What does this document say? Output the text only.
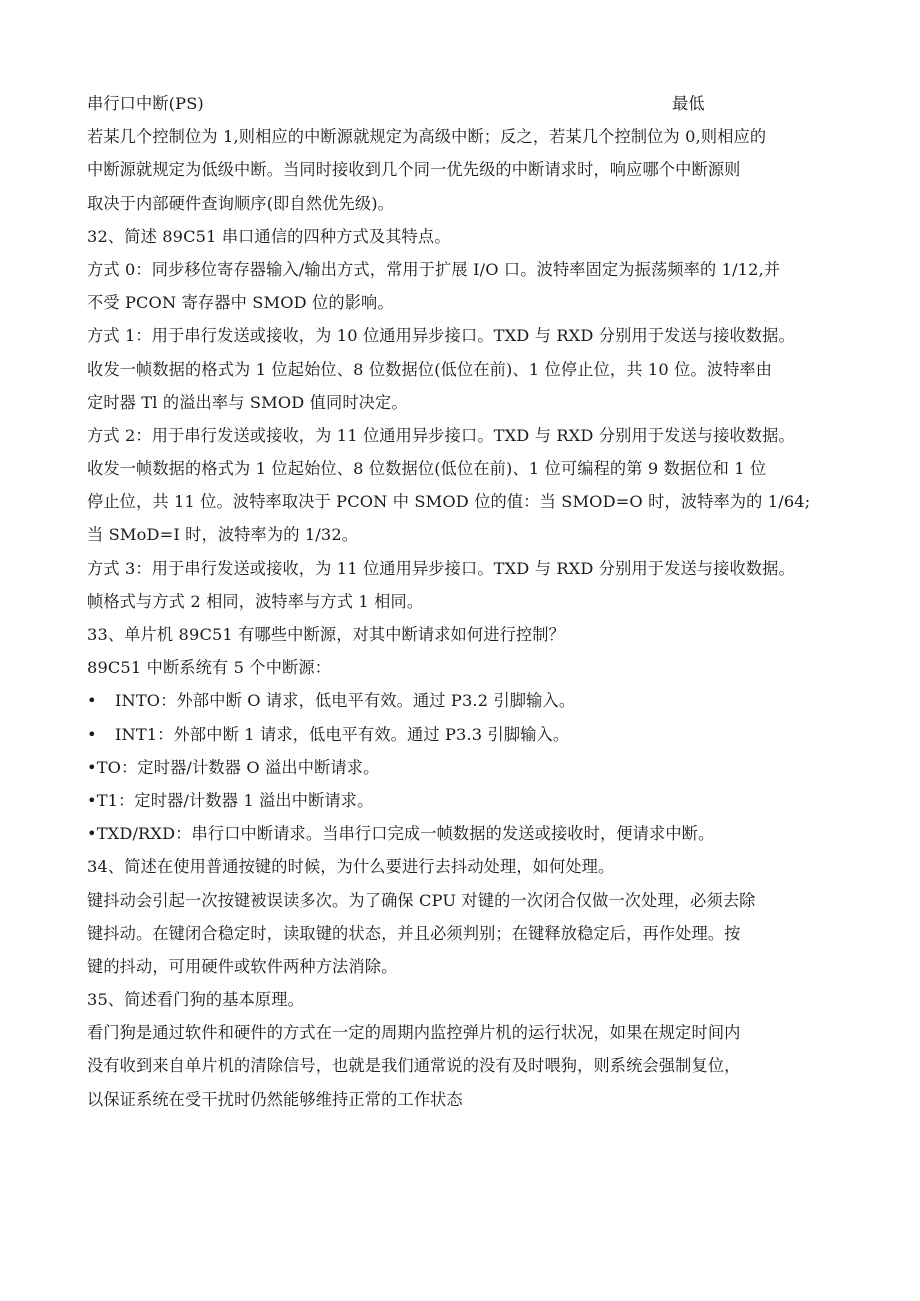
串行口中断(PS)	最低
若某几个控制位为 1,则相应的中断源就规定为高级中断；反之，若某几个控制位为 0,则相应的
中断源就规定为低级中断。当同时接收到几个同一优先级的中断请求时，响应哪个中断源则
取决于内部硬件查询顺序(即自然优先级)。
32、简述 89C51 串口通信的四种方式及其特点。
方式 0：同步移位寄存器输入/输出方式，常用于扩展 I/O 口。波特率固定为振荡频率的 1/12,并
不受 PCON 寄存器中 SMOD 位的影响。
方式 1：用于串行发送或接收，为 10 位通用异步接口。TXD 与 RXD 分别用于发送与接收数据。
收发一帧数据的格式为 1 位起始位、8 位数据位(低位在前)、1 位停止位，共 10 位。波特率由
定时器 Tl 的溢出率与 SMOD 值同时决定。
方式 2：用于串行发送或接收，为 11 位通用异步接口。TXD 与 RXD 分别用于发送与接收数据。
收发一帧数据的格式为 1 位起始位、8 位数据位(低位在前)、1 位可编程的第 9 数据位和 1 位
停止位，共 11 位。波特率取决于 PCON 中 SMOD 位的值：当 SMOD=O 时，波特率为的 1/64;
当 SMoD=I 时，波特率为的 1/32。
方式 3：用于串行发送或接收，为 11 位通用异步接口。TXD 与 RXD 分别用于发送与接收数据。
帧格式与方式 2 相同，波特率与方式 1 相同。
33、单片机 89C51 有哪些中断源，对其中断请求如何进行控制？
89C51 中断系统有 5 个中断源：
• INTO：外部中断 O 请求，低电平有效。通过 P3.2 引脚输入。
• INT1：外部中断 1 请求，低电平有效。通过 P3.3 引脚输入。
•TO：定时器/计数器 O 溢出中断请求。
•T1：定时器/计数器 1 溢出中断请求。
•TXD/RXD：串行口中断请求。当串行口完成一帧数据的发送或接收时，便请求中断。
34、简述在使用普通按键的时候，为什么要进行去抖动处理，如何处理。
键抖动会引起一次按键被误读多次。为了确保 CPU 对键的一次闭合仅做一次处理，必须去除
键抖动。在键闭合稳定时，读取键的状态，并且必须判别；在键释放稳定后，再作处理。按
键的抖动，可用硬件或软件两种方法消除。
35、简述看门狗的基本原理。
看门狗是通过软件和硬件的方式在一定的周期内监控弹片机的运行状况，如果在规定时间内
没有收到来自单片机的清除信号，也就是我们通常说的没有及时喂狗，则系统会强制复位，
以保证系统在受干扰时仍然能够维持正常的工作状态
